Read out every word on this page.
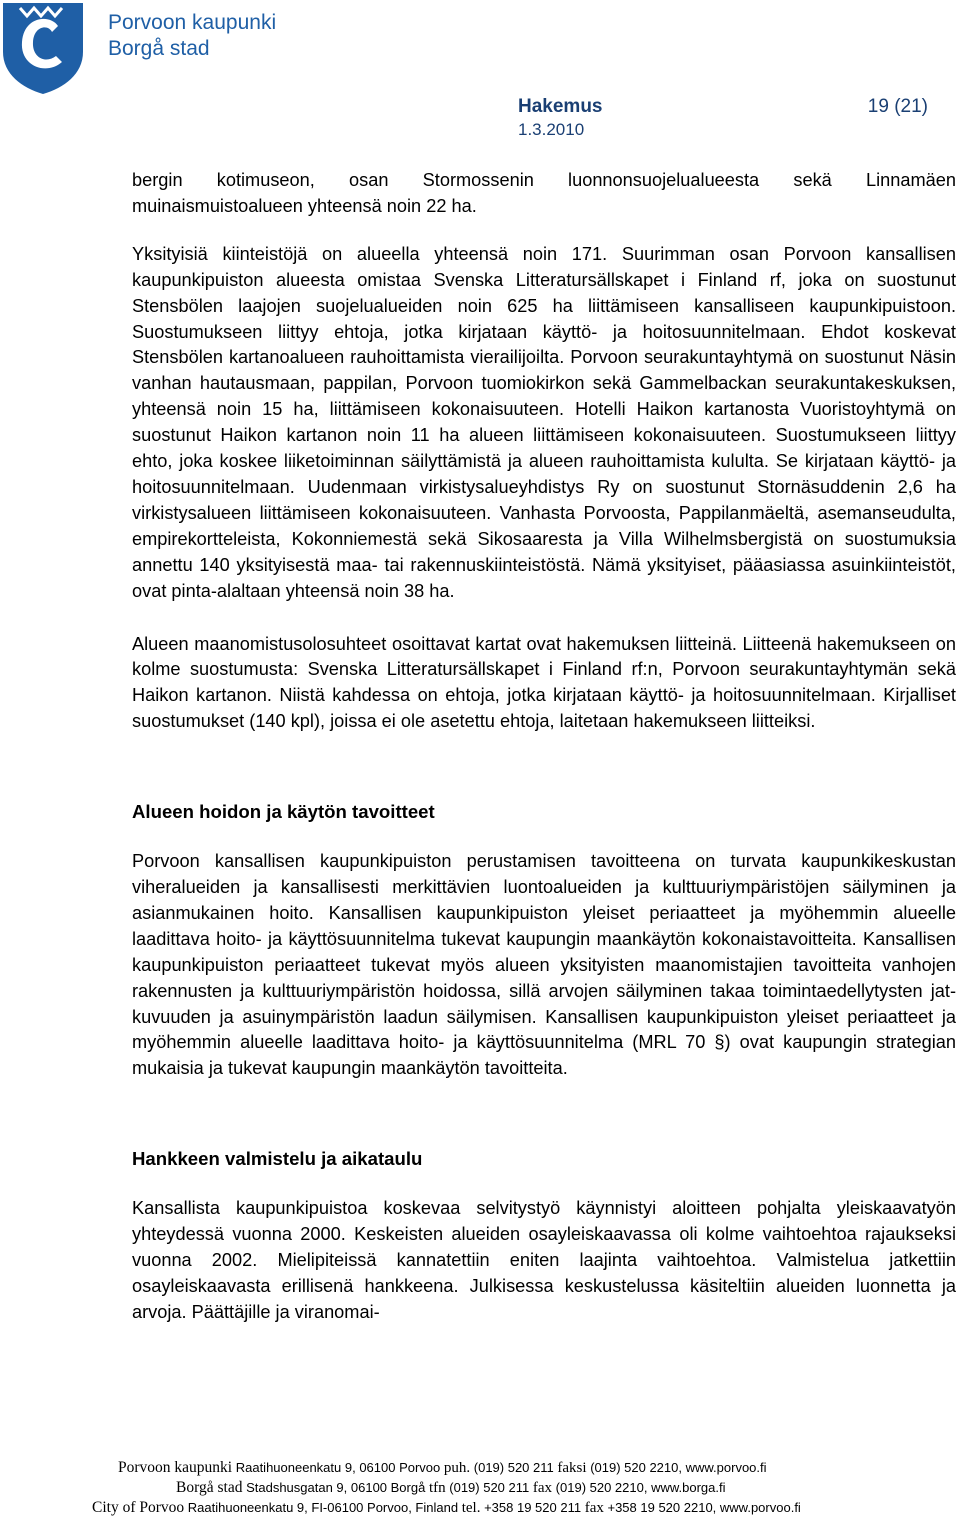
Porvoon kaupunki
Borgå stad
Hakemus	19 (21)
1.3.2010

bergin kotimuseon, osan Stormossenin luonnonsuojelualueesta sekä Linnamäen muinaismuistoalueen yhteensä noin 22 ha.

Yksityisiä kiinteistöjä on alueella yhteensä noin 171. Suurimman osan Porvoon kansallisen kaupunkipuiston alueesta omistaa Svenska Litteratursällskapet i Finland rf, joka on suostunut Stensbölen laajojen suojelualueiden noin 625 ha liittämiseen kansalliseen kaupunkipuistoon. Suostumukseen liittyy ehtoja, jotka kirjataan käyttö- ja hoitosuunnitelmaan. Ehdot koskevat Stensbölen kartanoalueen rauhoittamista vierailijoilta. Porvoon seurakuntayhtymä on suostunut Näsin vanhan hautausmaan, pappilan, Porvoon tuomiokirkon sekä Gammelbackan seurakuntakeskuksen, yhteensä noin 15 ha, liittämiseen kokonaisuuteen. Hotelli Haikon kartanosta Vuoristoyhtymä on suostunut Haikon kartanon noin 11 ha alueen liittämiseen kokonaisuuteen. Suostumukseen liittyy ehto, joka koskee liiketoiminnan säilyttämistä ja alueen rauhoittamista kululta. Se kirjataan käyttö- ja hoitosuunnitelmaan. Uudenmaan virkistysalueyhdistys Ry on suostunut Stornäsuddenin 2,6 ha virkistysalueen liittämiseen kokonaisuuteen. Vanhasta Porvoosta, Pappilanmäeltä, asemanseudulta, empirekortteleista, Kokonniemestä sekä Sikosaaresta ja Villa Wilhelmsbergistä on suostumuksia annettu 140 yksityisestä maa- tai rakennuskiinteistöstä. Nämä yksityiset, pääasiassa asuinkiinteistöt, ovat pinta-alaltaan yhteensä noin 38 ha.

Alueen maanomistusolosuhteet osoittavat kartat ovat hakemuksen liitteinä. Liitteenä hakemukseen on kolme suostumusta: Svenska Litteratursällskapet i Finland rf:n, Porvoon seurakuntayhtymän sekä Haikon kartanon. Niistä kahdessa on ehtoja, jotka kirjataan käyttö- ja hoitosuunnitelmaan. Kirjalliset suostumukset (140 kpl), joissa ei ole asetettu ehtoja, laitetaan hakemukseen liitteiksi.

Alueen hoidon ja käytön tavoitteet

Porvoon kansallisen kaupunkipuiston perustamisen tavoitteena on turvata kaupunkikeskustan viheralueiden ja kansallisesti merkittävien luontoalueiden ja kulttuuriympäristöjen säilyminen ja asianmukainen hoito. Kansallisen kaupunkipuiston yleiset periaatteet ja myöhemmin alueelle laadittava hoito- ja käyttösuunnitelma tukevat kaupungin maankäytön kokonaistavoitteita. Kansallisen kaupunkipuiston periaatteet tukevat myös alueen yksityisten maanomistajien tavoitteita vanhojen rakennusten ja kulttuuriympäristön hoidossa, sillä arvojen säilyminen takaa toimintaedellytysten jatkuvuuden ja asuinympäristön laadun säilymisen. Kansallisen kaupunkipuiston yleiset periaatteet ja myöhemmin alueelle laadittava hoito- ja käyttösuunnitelma (MRL 70 §) ovat kaupungin strategian mukaisia ja tukevat kaupungin maankäytön tavoitteita.

Hankkeen valmistelu ja aikataulu

Kansallista kaupunkipuistoa koskevaa selvitystyö käynnistyi aloitteen pohjalta yleiskaavatyön yhteydessä vuonna 2000. Keskeisten alueiden osayleiskaavassa oli kolme vaihtoehtoa rajaukseksi vuonna 2002. Mielipiteissä kannatettiin eniten laajinta vaihtoehtoa. Valmistelua jatkettiin osayleiskaavasta erillisenä hankkeena. Julkisessa keskustelussa käsiteltiin alueiden luonnetta ja arvoja. Päättäjille ja viranomai-

Porvoon kaupunki Raatihuoneenkatu 9, 06100 Porvoo puh. (019) 520 211 faksi (019) 520 2210, www.porvoo.fi
Borgå stad Stadshusgatan 9, 06100 Borgå tfn (019) 520 211 fax (019) 520 2210, www.borga.fi
City of Porvoo Raatihuoneenkatu 9, FI-06100 Porvoo, Finland tel. +358 19 520 211 fax +358 19 520 2210, www.porvoo.fi
